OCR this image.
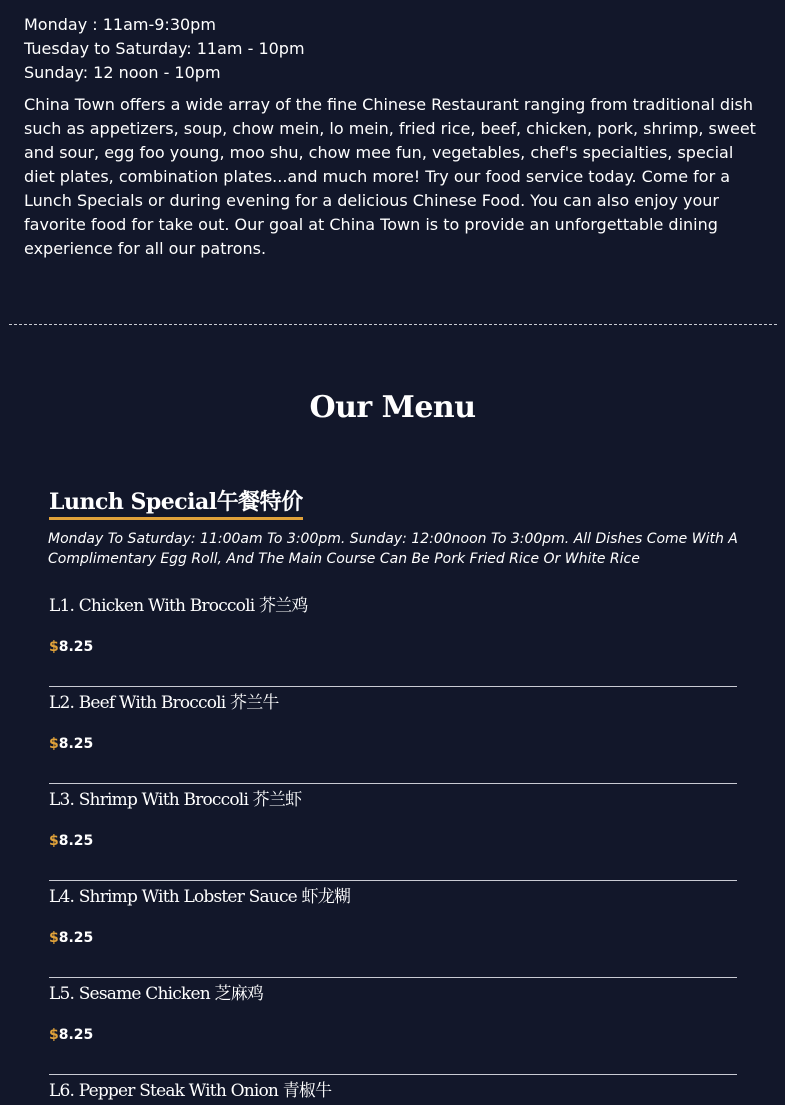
Monday : 11am-9:30pm
Tuesday to Saturday: 11am - 10pm
Sunday: 12 noon - 10pm
China Town offers a wide array of the fine Chinese Restaurant ranging from traditional dish such as appetizers, soup, chow mein, lo mein, fried rice, beef, chicken, pork, shrimp, sweet and sour, egg foo young, moo shu, chow mee fun, vegetables, chef's specialties, special diet plates, combination plates...and much more! Try our food service today. Come for a Lunch Specials or during evening for a delicious Chinese Food. You can also enjoy your favorite food for take out. Our goal at China Town is to provide an unforgettable dining experience for all our patrons.
Our Menu
Lunch Special午餐特价
Monday To Saturday: 11:00am To 3:00pm. Sunday: 12:00noon To 3:00pm. All Dishes Come With A Complimentary Egg Roll, And The Main Course Can Be Pork Fried Rice Or White Rice
L1. Chicken With Broccoli 芥兰鸡
$8.25
L2. Beef With Broccoli 芥兰牛
$8.25
L3. Shrimp With Broccoli 芥兰虾
$8.25
L4. Shrimp With Lobster Sauce 虾龙糊
$8.25
L5. Sesame Chicken 芝麻鸡
$8.25
L6. Pepper Steak With Onion 青椒牛
